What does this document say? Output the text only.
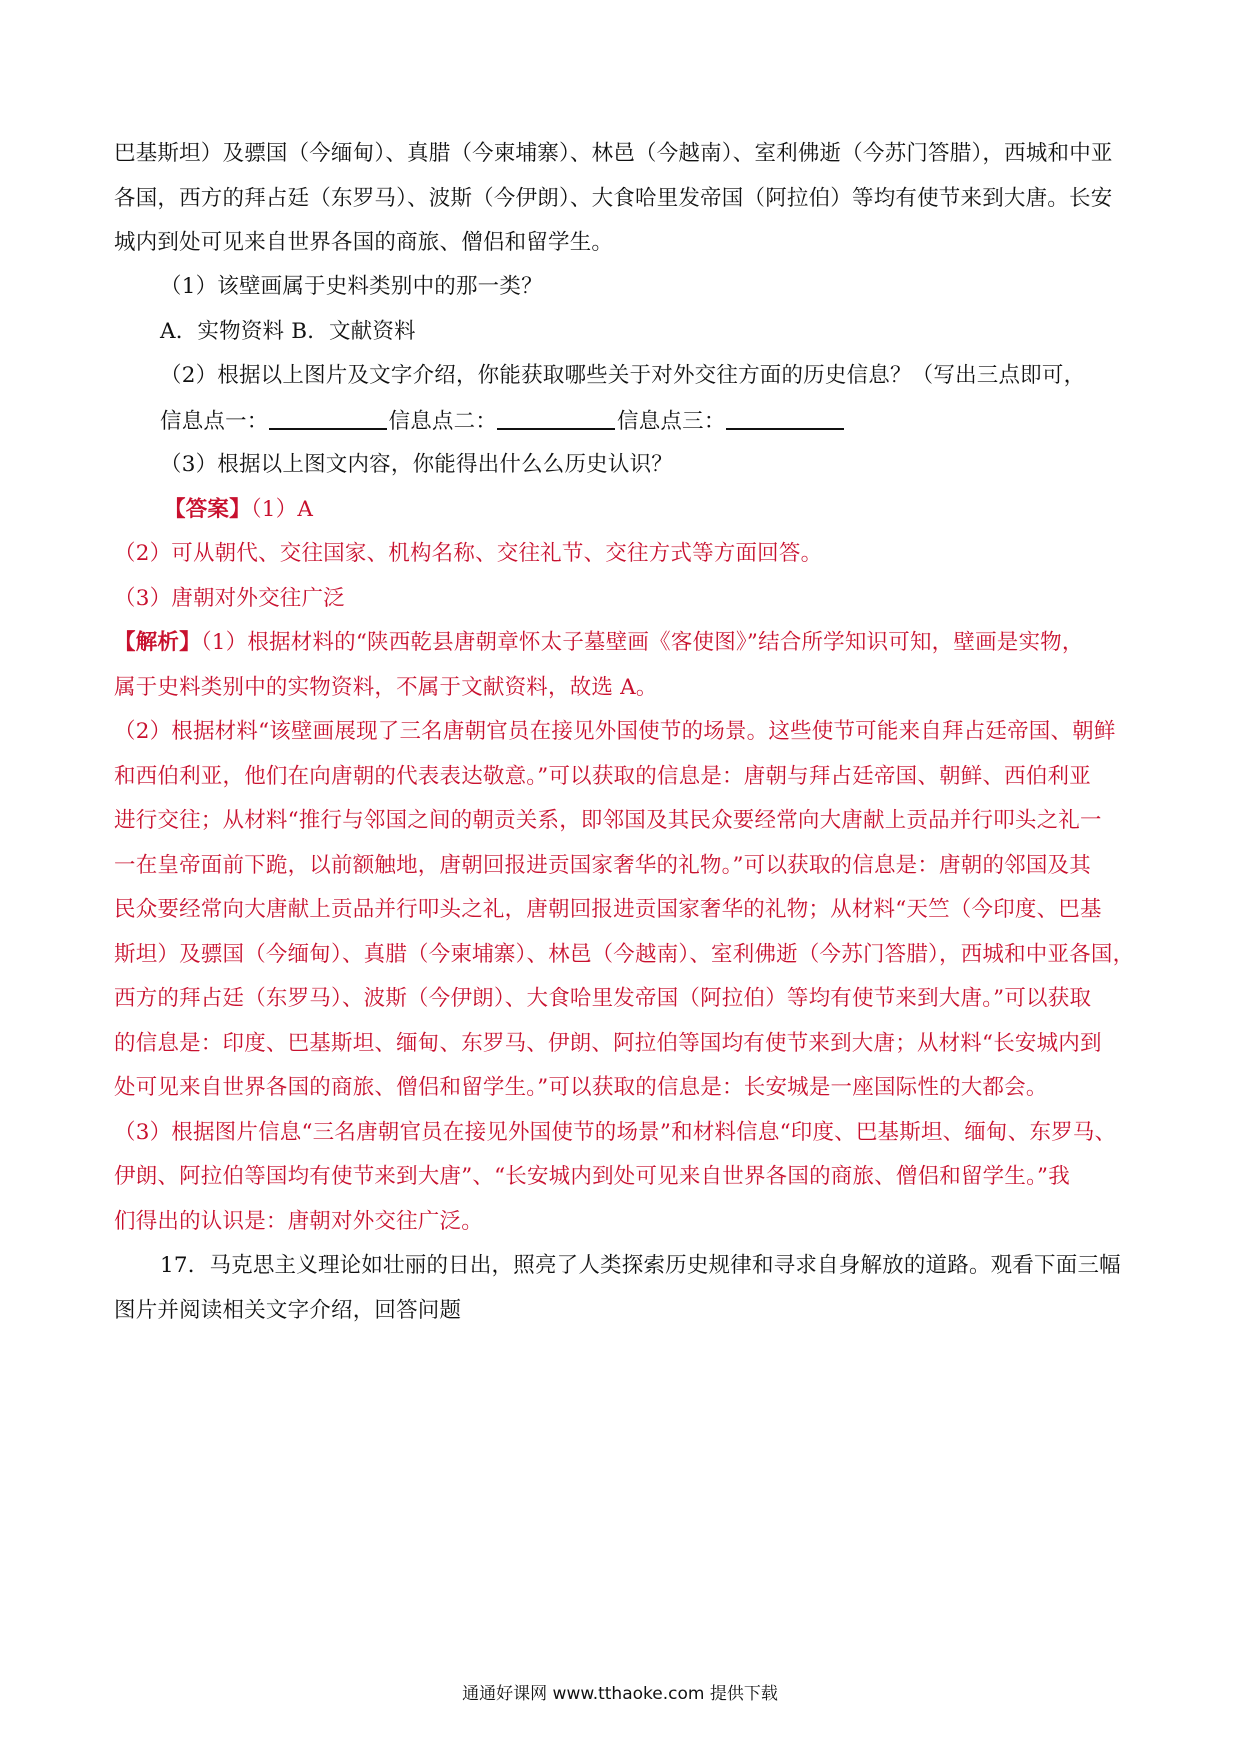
巴基斯坦）及骠国（今缅甸）、真腊（今柬埔寨）、林邑（今越南）、室利佛逝（今苏门答腊），西城和中亚
各国，西方的拜占廷（东罗马）、波斯（今伊朗）、大食哈里发帝国（阿拉伯）等均有使节来到大唐。长安
城内到处可见来自世界各国的商旅、僧侣和留学生。
（1）该壁画属于史料类别中的那一类？
A．实物资料 B．文献资料
（2）根据以上图片及文字介绍，你能获取哪些关于对外交往方面的历史信息？（写出三点即可，
信息点一：	信息点二：	信息点三：
（3）根据以上图文内容，你能得出什么么历史认识？
【答案】（1）A
（2）可从朝代、交往国家、机构名称、交往礼节、交往方式等方面回答。
（3）唐朝对外交往广泛
【解析】（1）根据材料的“陕西乾县唐朝章怀太子墓壁画《客使图》”结合所学知识可知，壁画是实物，
属于史料类别中的实物资料，不属于文献资料，故选 A。
（2）根据材料“该壁画展现了三名唐朝官员在接见外国使节的场景。这些使节可能来自拜占廷帝国、朝鲜
和西伯利亚，他们在向唐朝的代表表达敬意。”可以获取的信息是：唐朝与拜占廷帝国、朝鲜、西伯利亚
进行交往；从材料“推行与邻国之间的朝贡关系，即邻国及其民众要经常向大唐献上贡品并行叩头之礼一
一在皇帝面前下跪，以前额触地，唐朝回报进贡国家奢华的礼物。”可以获取的信息是：唐朝的邻国及其
民众要经常向大唐献上贡品并行叩头之礼，唐朝回报进贡国家奢华的礼物；从材料“天竺（今印度、巴基
斯坦）及骠国（今缅甸）、真腊（今柬埔寨）、林邑（今越南）、室利佛逝（今苏门答腊），西城和中亚各国，
西方的拜占廷（东罗马）、波斯（今伊朗）、大食哈里发帝国（阿拉伯）等均有使节来到大唐。”可以获取
的信息是：印度、巴基斯坦、缅甸、东罗马、伊朗、阿拉伯等国均有使节来到大唐；从材料“长安城内到
处可见来自世界各国的商旅、僧侣和留学生。”可以获取的信息是：长安城是一座国际性的大都会。
（3）根据图片信息“三名唐朝官员在接见外国使节的场景”和材料信息“印度、巴基斯坦、缅甸、东罗马、
伊朗、阿拉伯等国均有使节来到大唐”、“长安城内到处可见来自世界各国的商旅、僧侣和留学生。”我
们得出的认识是：唐朝对外交往广泛。
17．马克思主义理论如壮丽的日出，照亮了人类探索历史规律和寻求自身解放的道路。观看下面三幅
图片并阅读相关文字介绍，回答问题
通通好课网 www.tthaoke.com 提供下载
